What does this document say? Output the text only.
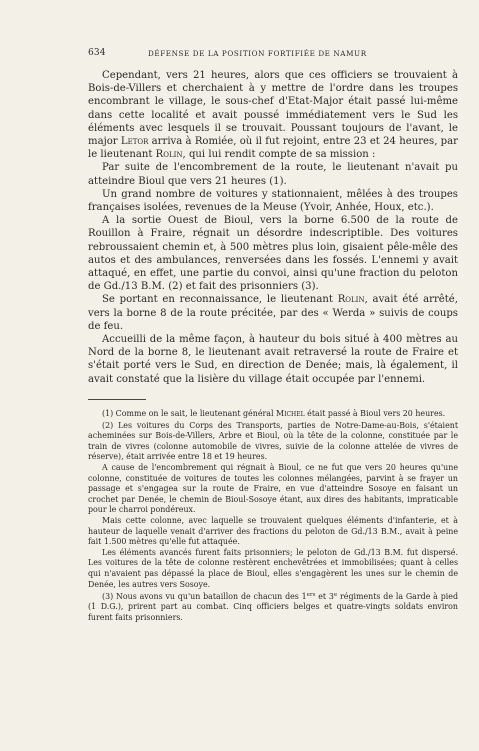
634	DÉFENSE DE LA POSITION FORTIFIÉE DE NAMUR

Cependant, vers 21 heures, alors que ces officiers se trouvaient à Bois-de-Villers et cherchaient à y mettre de l'ordre dans les troupes encombrant le village, le sous-chef d'Etat-Major était passé lui-même dans cette localité et avait poussé immédiatement vers le Sud les éléments avec lesquels il se trouvait. Poussant toujours de l'avant, le major Letor arriva à Romiée, où il fut rejoint, entre 23 et 24 heures, par le lieutenant Rolin, qui lui rendit compte de sa mission :

Par suite de l'encombrement de la route, le lieutenant n'avait pu atteindre Bioul que vers 21 heures (1).

Un grand nombre de voitures y stationnaient, mêlées à des troupes françaises isolées, revenues de la Meuse (Yvoir, Anhée, Houx, etc.).

A la sortie Ouest de Bioul, vers la borne 6.500 de la route de Rouillon à Fraire, régnait un désordre indescriptible. Des voitures rebroussaient chemin et, à 500 mètres plus loin, gisaient pêle-mêle des autos et des ambulances, renversées dans les fossés. L'ennemi y avait attaqué, en effet, une partie du convoi, ainsi qu'une fraction du peloton de Gd./13 B.M. (2) et fait des prisonniers (3).

Se portant en reconnaissance, le lieutenant Rolin, avait été arrêté, vers la borne 8 de la route précitée, par des « Werda » suivis de coups de feu.

Accueilli de la même façon, à hauteur du bois situé à 400 mètres au Nord de la borne 8, le lieutenant avait retraversé la route de Fraire et s'était porté vers le Sud, en direction de Denée; mais, là également, il avait constaté que la lisière du village était occupée par l'ennemi.

(1) Comme on le sait, le lieutenant général Michel était passé à Bioul vers 20 heures.

(2) Les voitures du Corps des Transports, parties de Notre-Dame-au-Bois, s'étaient acheminées sur Bois-de-Villers, Arbre et Bioul, où la tête de la colonne, constituée par le train de vivres (colonne automobile de vivres, suivie de la colonne attelée de vivres de réserve), était arrivée entre 18 et 19 heures.

A cause de l'encombrement qui régnait à Bioul, ce ne fut que vers 20 heures qu'une colonne, constituée de voitures de toutes les colonnes mélangées, parvint à se frayer un passage et s'engagea sur la route de Fraire, en vue d'atteindre Sosoye en faisant un crochet par Denée, le chemin de Bioul-Sosoye étant, aux dires des habitants, impraticable pour le charroi pondéreux.

Mais cette colonne, avec laquelle se trouvaient quelques éléments d'infanterie, et à hauteur de laquelle venait d'arriver des fractions du peloton de Gd./13 B.M., avait à peine fait 1.500 mètres qu'elle fut attaquée.

Les éléments avancés furent faits prisonniers; le peloton de Gd./13 B.M. fut dispersé. Les voitures de la tête de colonne restèrent enchevêtrées et immobilisées; quant à celles qui n'avaient pas dépassé la place de Bioul, elles s'engagèrent les unes sur le chemin de Denée, les autres vers Sosoye.

(3) Nous avons vu qu'un bataillon de chacun des 1ers et 3e régiments de la Garde à pied (1 D.G.), prirent part au combat. Cinq officiers belges et quatre-vingts soldats environ furent faits prisonniers.
